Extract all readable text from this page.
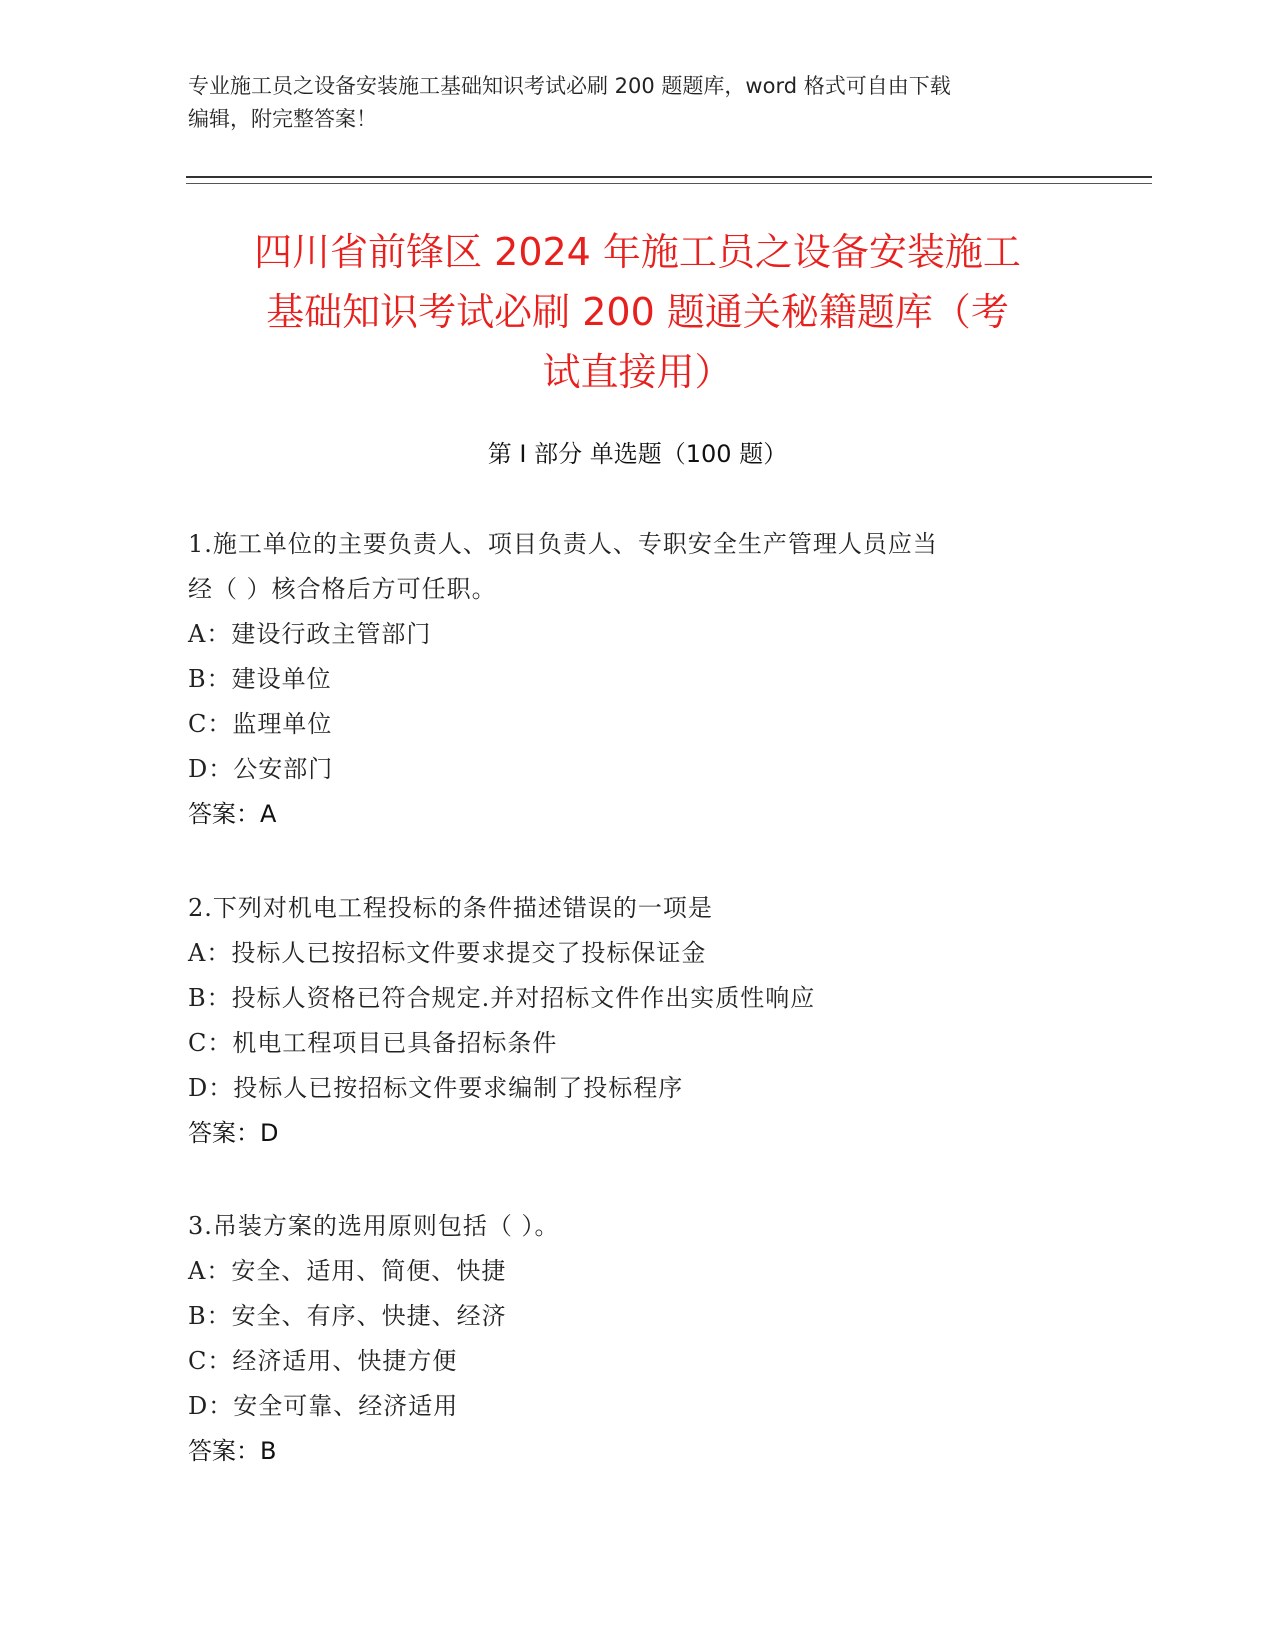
专业施工员之设备安装施工基础知识考试必刷 200 题题库，word 格式可自由下载
编辑，附完整答案！
四川省前锋区 2024 年施工员之设备安装施工
基础知识考试必刷 200 题通关秘籍题库（考
试直接用）
第 I 部分 单选题（100 题）
1.施工单位的主要负责人、项目负责人、专职安全生产管理人员应当
经（ ）核合格后方可任职。
A：建设行政主管部门
B：建设单位
C：监理单位
D：公安部门
答案：A
2.下列对机电工程投标的条件描述错误的一项是
A：投标人已按招标文件要求提交了投标保证金
B：投标人资格已符合规定.并对招标文件作出实质性响应
C：机电工程项目已具备招标条件
D：投标人已按招标文件要求编制了投标程序
答案：D
3.吊装方案的选用原则包括（ ）。
A：安全、适用、简便、快捷
B：安全、有序、快捷、经济
C：经济适用、快捷方便
D：安全可靠、经济适用
答案：B
